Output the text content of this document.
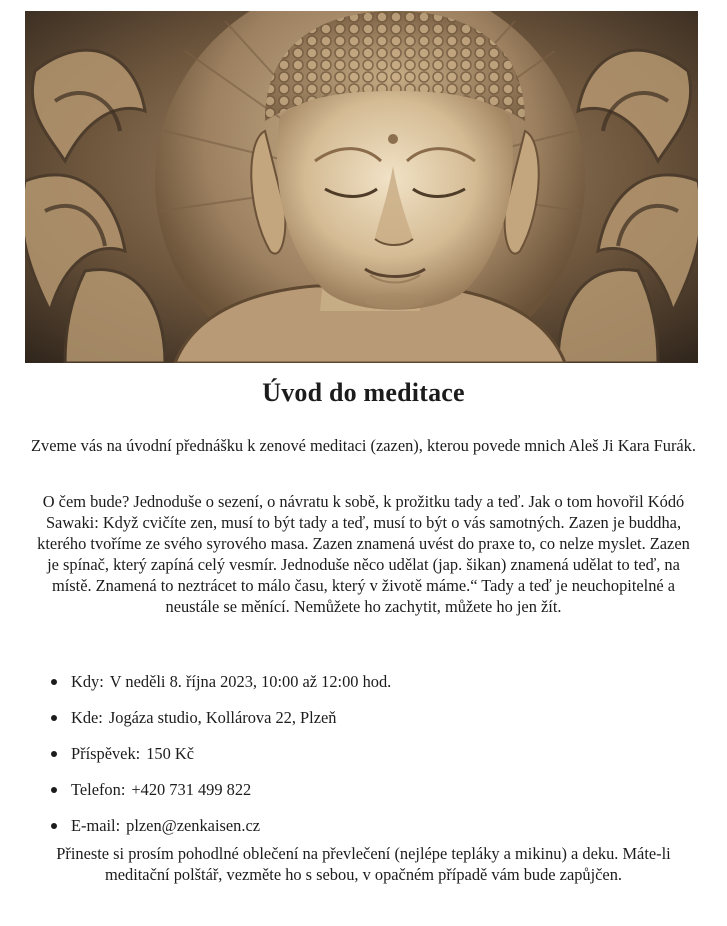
Úvod do meditace

Zveme vás na úvodní přednášku k zenové meditaci (zazen), kterou povede mnich Aleš Ji Kara Furák.

O čem bude? Jednoduše o sezení, o návratu k sobě, k prožitku tady a teď. Jak o tom hovořil Kódó Sawaki: Když cvičíte zen, musí to být tady a teď, musí to být o vás samotných. Zazen je buddha, kterého tvoříme ze svého syrového masa. Zazen znamená uvést do praxe to, co nelze myslet. Zazen je spínač, který zapíná celý vesmír. Jednoduše něco udělat (jap. šikan) znamená udělat to teď, na místě. Znamená to neztrácet to málo času, který v životě máme.“ Tady a teď je neuchopitelné a neustále se měnící. Nemůžete ho zachytit, můžete ho jen žít.

Kdy: V neděli 8. října 2023, 10:00 až 12:00 hod.
Kde: Jogáza studio, Kollárova 22, Plzeň
Příspěvek: 150 Kč
Telefon: +420 731 499 822
E-mail: plzen@zenkaisen.cz

Přineste si prosím pohodlné oblečení na převlečení (nejlépe tepláky a mikinu) a deku. Máte-li meditační polštář, vezměte ho s sebou, v opačném případě vám bude zapůjčen.
